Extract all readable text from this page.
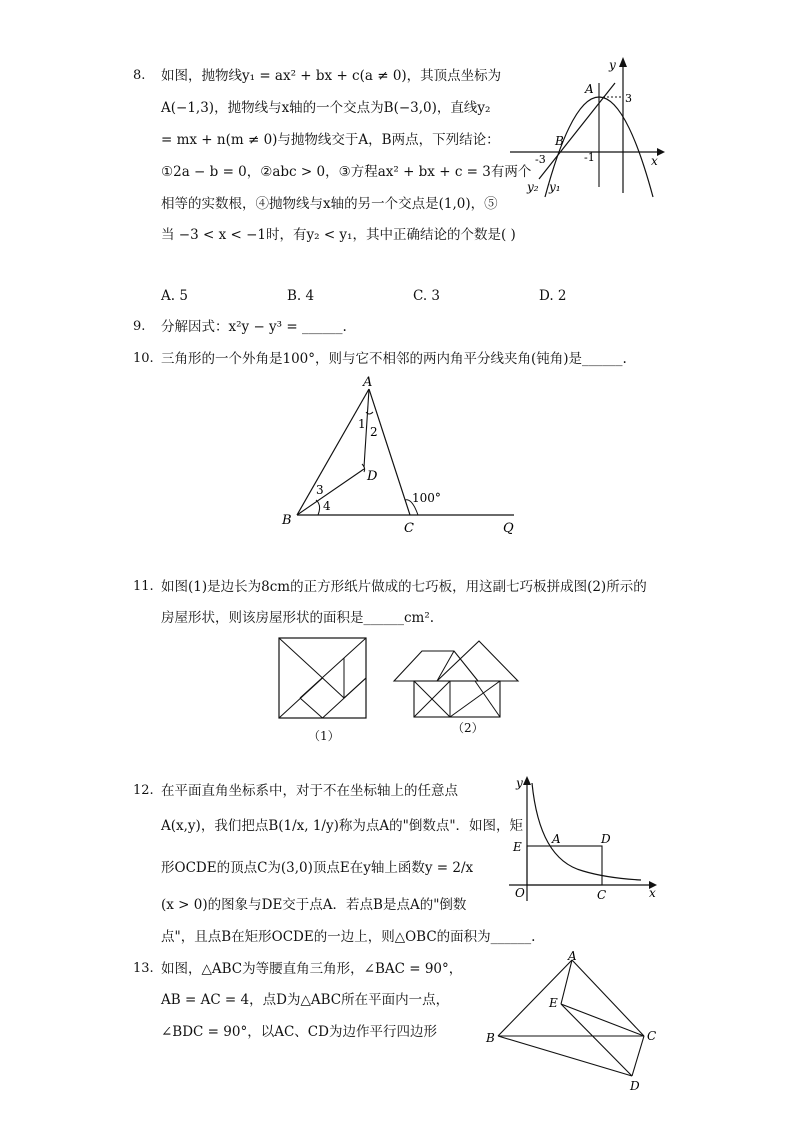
8. 如图，抛物线y₁ = ax² + bx + c(a ≠ 0)，其顶点坐标为
A(−1,3)，抛物线与x轴的一个交点为B(−3,0)，直线y₂
= mx + n(m ≠ 0)与抛物线交于A，B两点，下列结论：
①2a − b = 0，②abc > 0，③方程ax² + bx + c = 3有两个
相等的实数根，④抛物线与x轴的另一个交点是(1,0)，⑤
当 −3 < x < −1时，有y₂ < y₁，其中正确结论的个数是( )
A. 5	B. 4	C. 3	D. 2
x
y
A
B
-3	-1
3
y₂ y₁
9. 分解因式：x²y − y³ = ______.
10. 三角形的一个外角是100°，则与它不相邻的两内角平分线夹角(钝角)是______.
A
B
C
D
Q
1
2
3
4
100°
11. 如图(1)是边长为8cm的正方形纸片做成的七巧板，用这副七巧板拼成图(2)所示的
房屋形状，则该房屋形状的面积是______cm².
（1）
（2）
12. 在平面直角坐标系中，对于不在坐标轴上的任意点
A(x,y)，我们把点B(1/x, 1/y)称为点A的"倒数点"．如图，矩
形OCDE的顶点C为(3,0)顶点E在y轴上函数y = 2/x
(x > 0)的图象与DE交于点A．若点B是点A的"倒数
点"，且点B在矩形OCDE的一边上，则△OBC的面积为______.
x
y
O
E
A	D
C
13. 如图，△ABC为等腰直角三角形，∠BAC = 90°，
AB = AC = 4，点D为△ABC所在平面内一点，
∠BDC = 90°，以AC、CD为边作平行四边形
A
E
B	C
D
